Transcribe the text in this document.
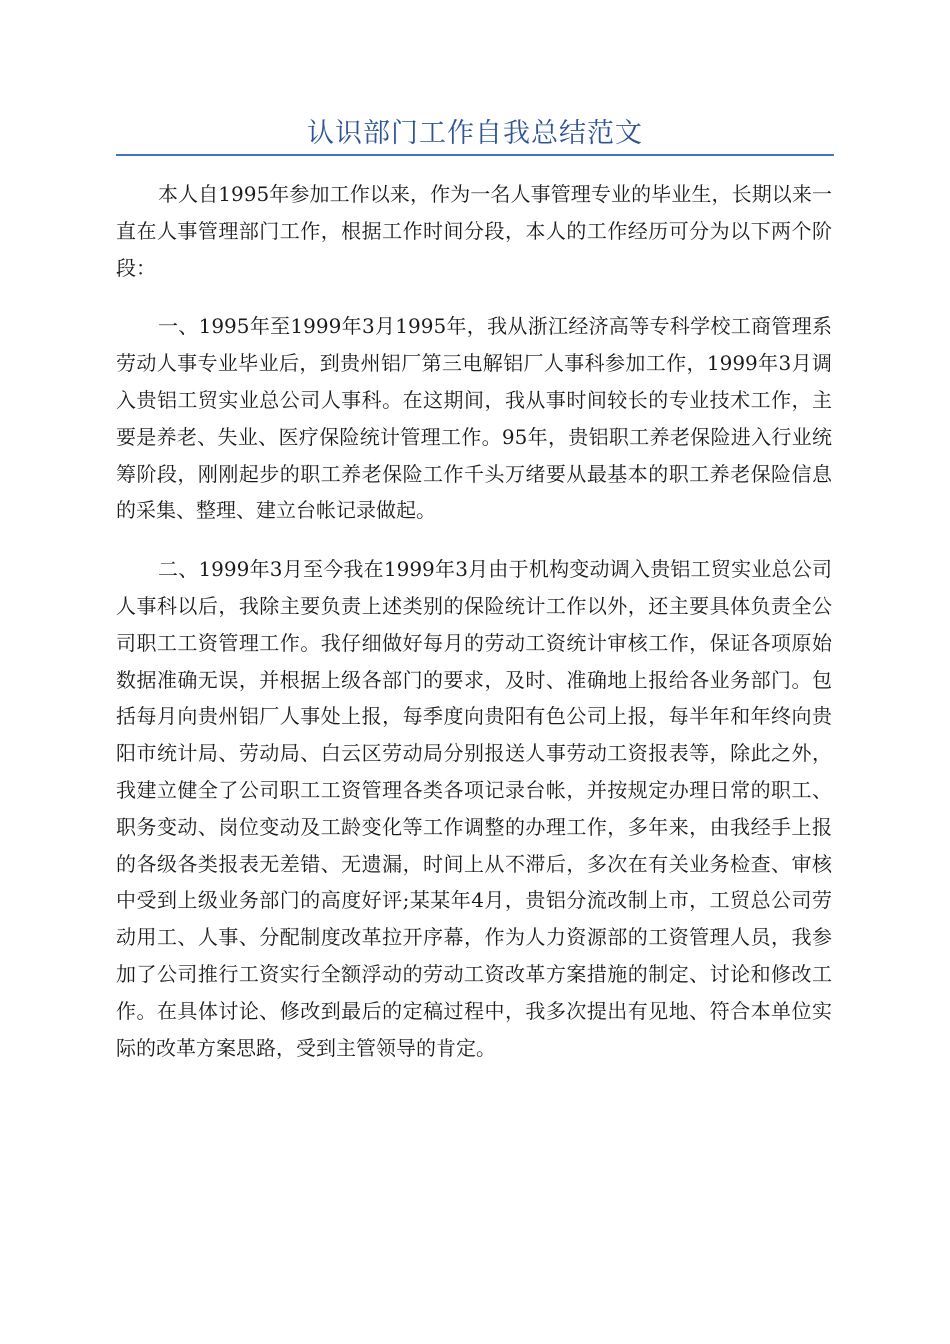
认识部门工作自我总结范文

本人自1995年参加工作以来，作为一名人事管理专业的毕业生，长期以来一直在人事管理部门工作，根据工作时间分段，本人的工作经历可分为以下两个阶段：

一、1995年至1999年3月1995年，我从浙江经济高等专科学校工商管理系劳动人事专业毕业后，到贵州铝厂第三电解铝厂人事科参加工作，1999年3月调入贵铝工贸实业总公司人事科。在这期间，我从事时间较长的专业技术工作，主要是养老、失业、医疗保险统计管理工作。95年，贵铝职工养老保险进入行业统筹阶段，刚刚起步的职工养老保险工作千头万绪要从最基本的职工养老保险信息的采集、整理、建立台帐记录做起。

二、1999年3月至今我在1999年3月由于机构变动调入贵铝工贸实业总公司人事科以后，我除主要负责上述类别的保险统计工作以外，还主要具体负责全公司职工工资管理工作。我仔细做好每月的劳动工资统计审核工作，保证各项原始数据准确无误，并根据上级各部门的要求，及时、准确地上报给各业务部门。包括每月向贵州铝厂人事处上报，每季度向贵阳有色公司上报，每半年和年终向贵阳市统计局、劳动局、白云区劳动局分别报送人事劳动工资报表等，除此之外，我建立健全了公司职工工资管理各类各项记录台帐，并按规定办理日常的职工、职务变动、岗位变动及工龄变化等工作调整的办理工作，多年来，由我经手上报的各级各类报表无差错、无遗漏，时间上从不滞后，多次在有关业务检查、审核中受到上级业务部门的高度好评;某某年4月，贵铝分流改制上市，工贸总公司劳动用工、人事、分配制度改革拉开序幕，作为人力资源部的工资管理人员，我参加了公司推行工资实行全额浮动的劳动工资改革方案措施的制定、讨论和修改工作。在具体讨论、修改到最后的定稿过程中，我多次提出有见地、符合本单位实际的改革方案思路，受到主管领导的肯定。
